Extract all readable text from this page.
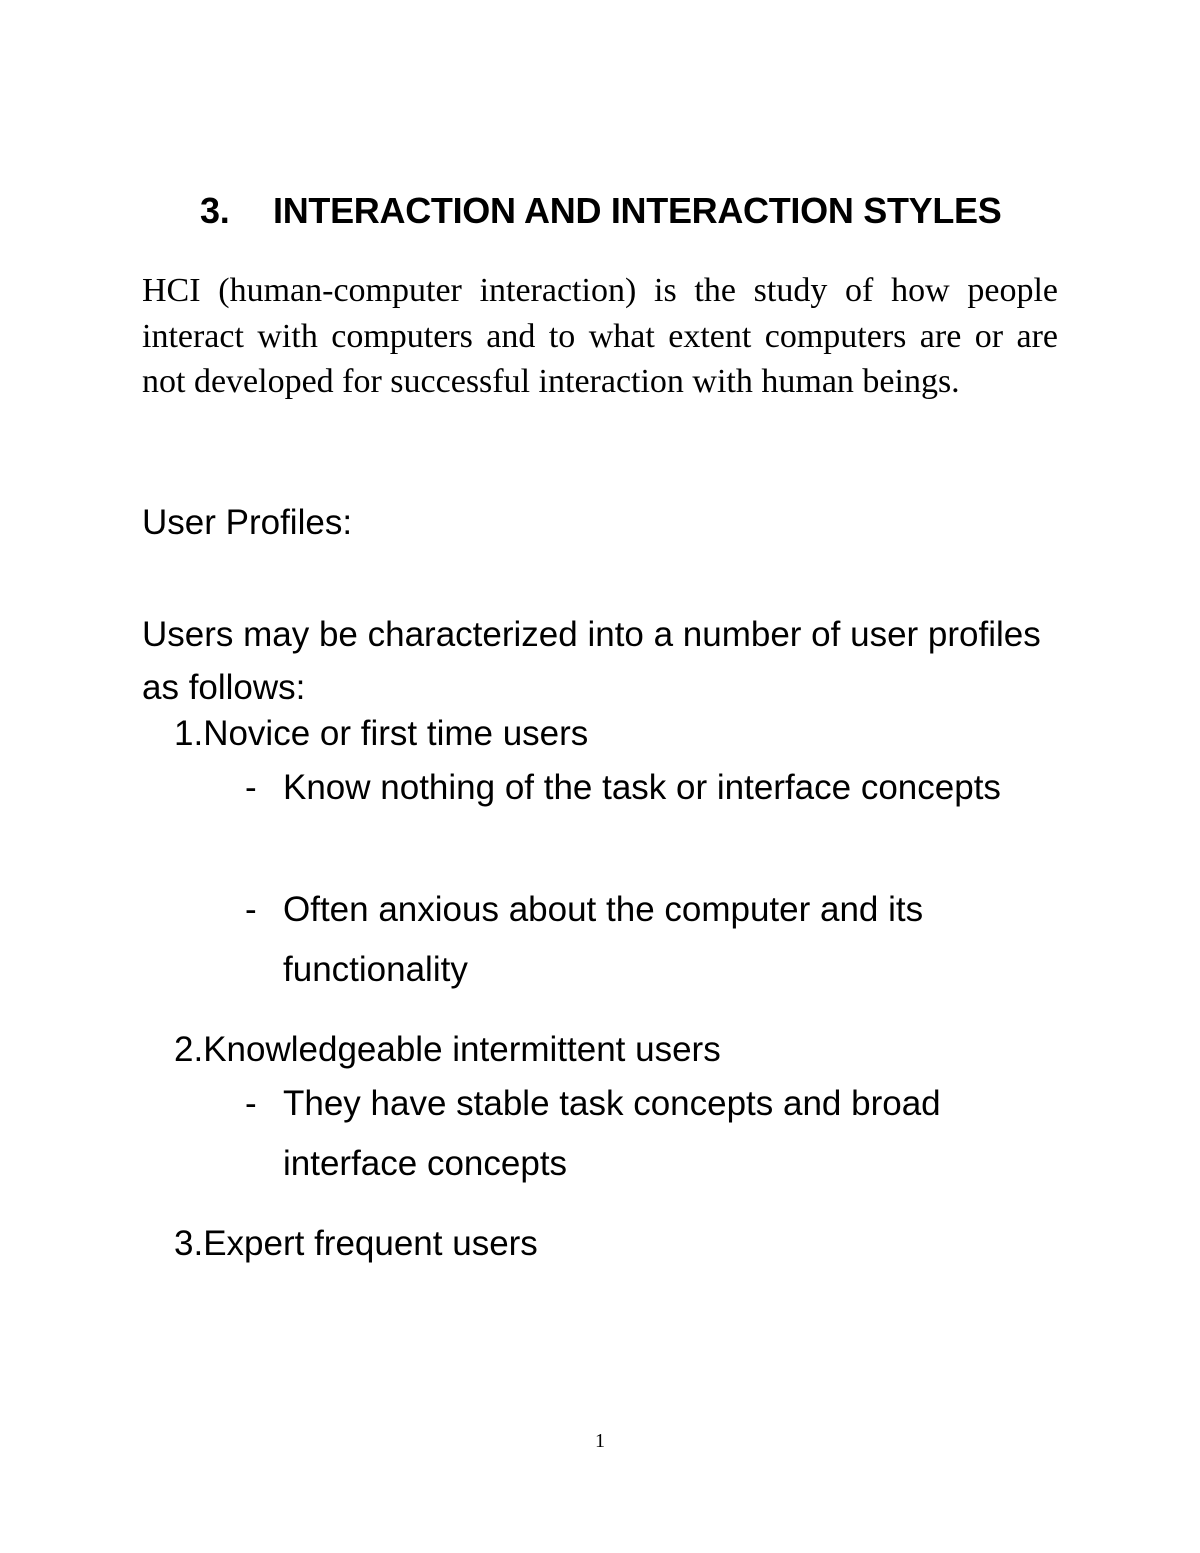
3. INTERACTION AND INTERACTION STYLES

HCI (human-computer interaction) is the study of how people interact with computers and to what extent computers are or are not developed for successful interaction with human beings.

User Profiles:

Users may be characterized into a number of user profiles as follows:

1.Novice or first time users

- Know nothing of the task or interface concepts

- Often anxious about the computer and its functionality

2.Knowledgeable intermittent users

- They have stable task concepts and broad interface concepts

3.Expert frequent users

1
